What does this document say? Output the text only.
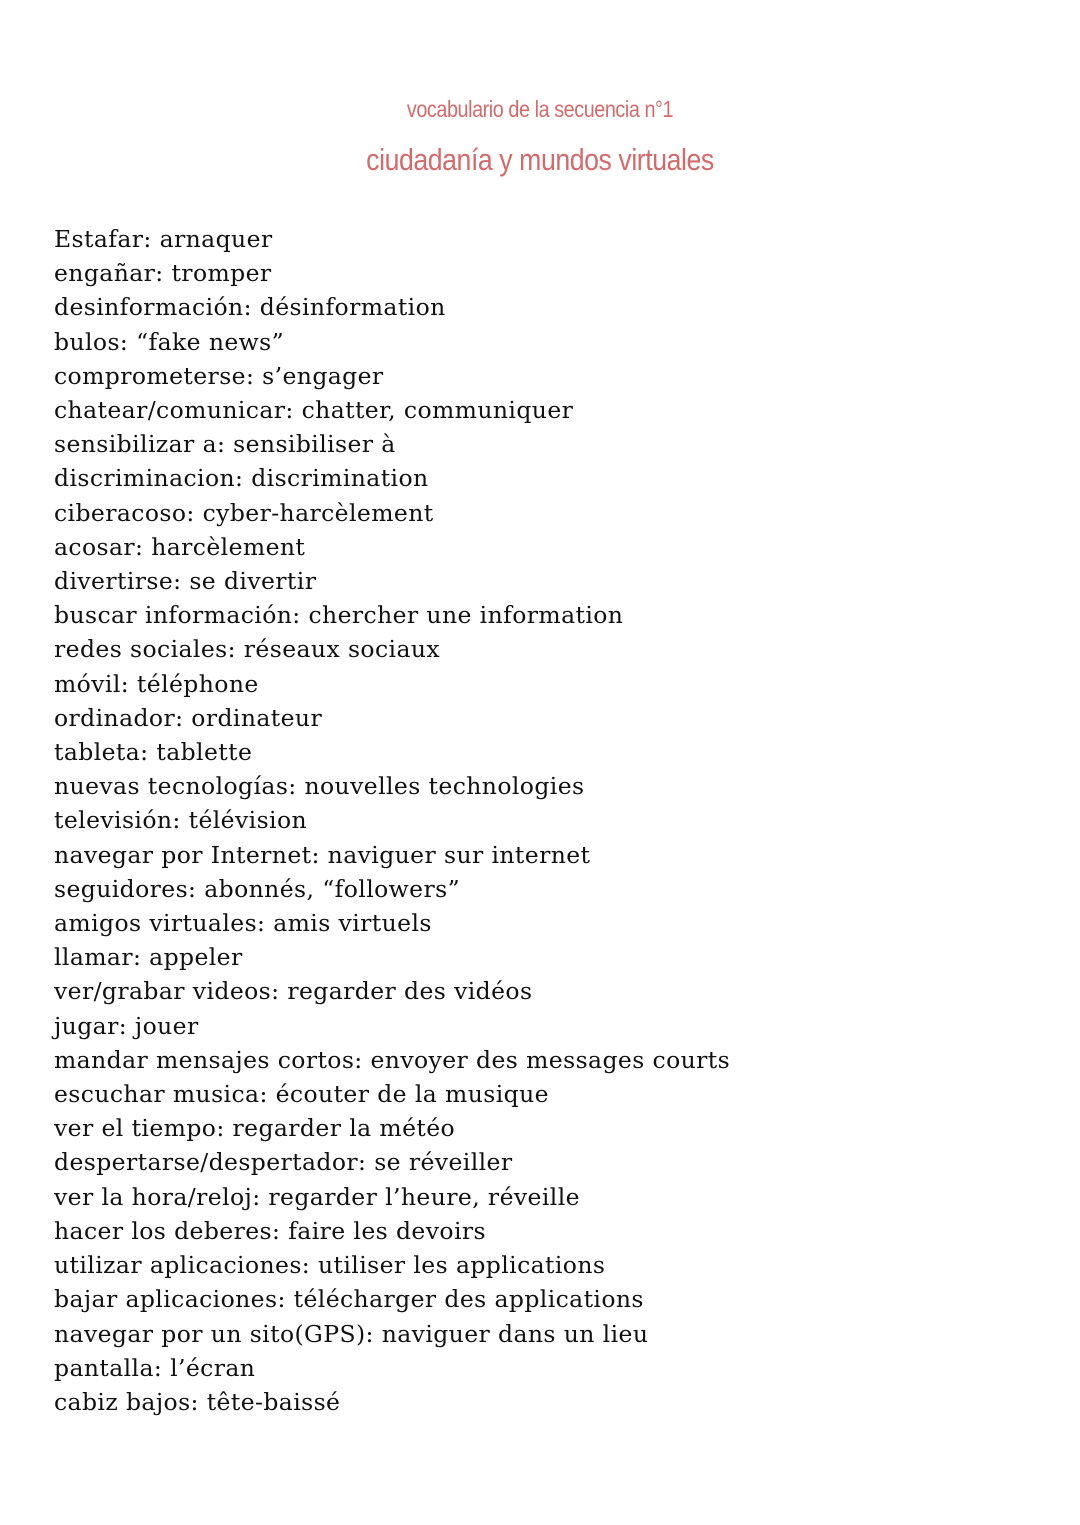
vocabulario de la secuencia n°1
ciudadanía y mundos virtuales
Estafar: arnaquer
engañar: tromper
desinformación: désinformation
bulos: “fake news”
comprometerse: s’engager
chatear/comunicar: chatter, communiquer
sensibilizar a: sensibiliser à
discriminacion: discrimination
ciberacoso: cyber-harcèlement
acosar: harcèlement
divertirse: se divertir
buscar información: chercher une information
redes sociales: réseaux sociaux
móvil: téléphone
ordinador: ordinateur
tableta: tablette
nuevas tecnologías: nouvelles technologies
televisión: télévision
navegar por Internet: naviguer sur internet
seguidores: abonnés, “followers”
amigos virtuales: amis virtuels
llamar: appeler
ver/grabar videos: regarder des vidéos
jugar: jouer
mandar mensajes cortos: envoyer des messages courts
escuchar musica: écouter de la musique
ver el tiempo: regarder la météo
despertarse/despertador: se réveiller
ver la hora/reloj: regarder l’heure, réveille
hacer los deberes: faire les devoirs
utilizar aplicaciones: utiliser les applications
bajar aplicaciones: télécharger des applications
navegar por un sito(GPS): naviguer dans un lieu
pantalla: l’écran
cabiz bajos: tête-baissé
